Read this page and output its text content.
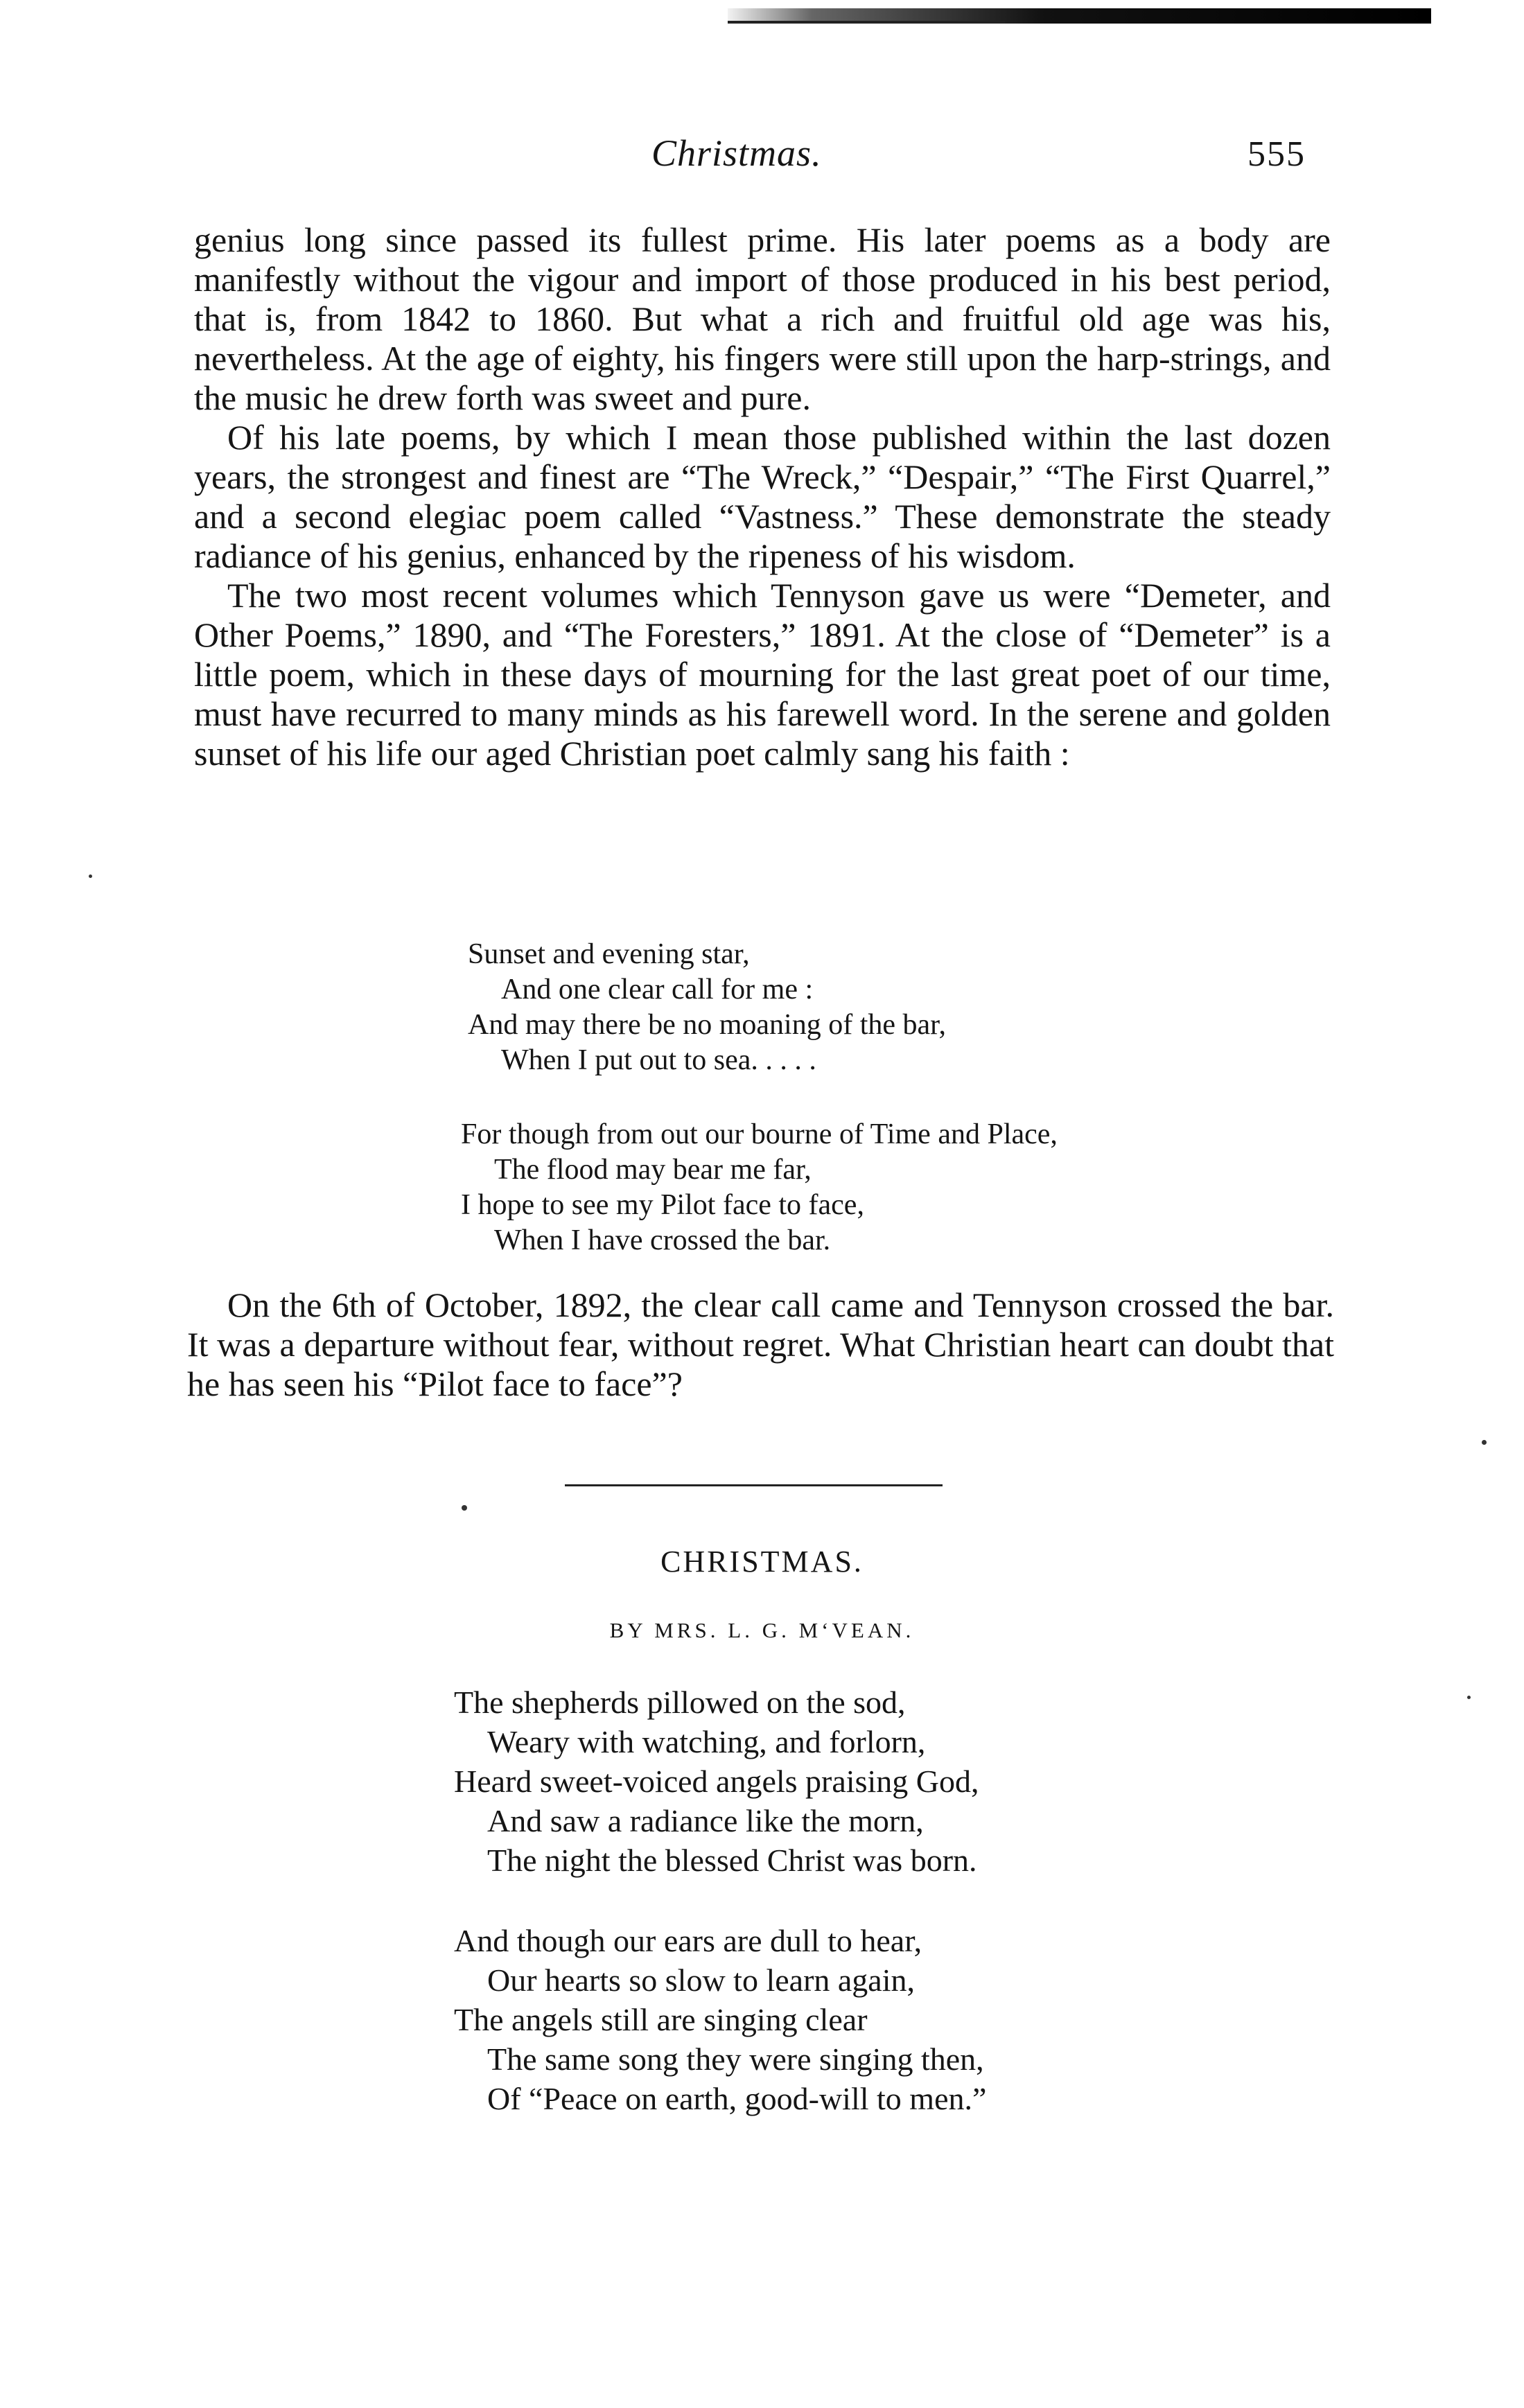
Christmas.	555

genius long since passed its fullest prime. His later poems as a body are manifestly without the vigour and import of those produced in his best period, that is, from 1842 to 1860. But what a rich and fruitful old age was his, nevertheless. At the age of eighty, his fingers were still upon the harp-strings, and the music he drew forth was sweet and pure.

Of his late poems, by which I mean those published within the last dozen years, the strongest and finest are “The Wreck,” “Despair,” “The First Quarrel,” and a second elegiac poem called “Vastness.” These demonstrate the steady radiance of his genius, enhanced by the ripeness of his wisdom.

The two most recent volumes which Tennyson gave us were “Demeter, and Other Poems,” 1890, and “The Foresters,” 1891. At the close of “Demeter” is a little poem, which in these days of mourning for the last great poet of our time, must have recurred to many minds as his farewell word. In the serene and golden sunset of his life our aged Christian poet calmly sang his faith :

Sunset and evening star,
And one clear call for me :
And may there be no moaning of the bar,
When I put out to sea. . . . .
For though from out our bourne of Time and Place,
The flood may bear me far,
I hope to see my Pilot face to face,
When I have crossed the bar.

On the 6th of October, 1892, the clear call came and Tennyson crossed the bar. It was a departure without fear, without regret. What Christian heart can doubt that he has seen his “Pilot face to face”?

CHRISTMAS.
BY MRS. L. G. M‘VEAN.
The shepherds pillowed on the sod,
Weary with watching, and forlorn,
Heard sweet-voiced angels praising God,
And saw a radiance like the morn,
The night the blessed Christ was born.
And though our ears are dull to hear,
Our hearts so slow to learn again,
The angels still are singing clear
The same song they were singing then,
Of “Peace on earth, good-will to men.”
